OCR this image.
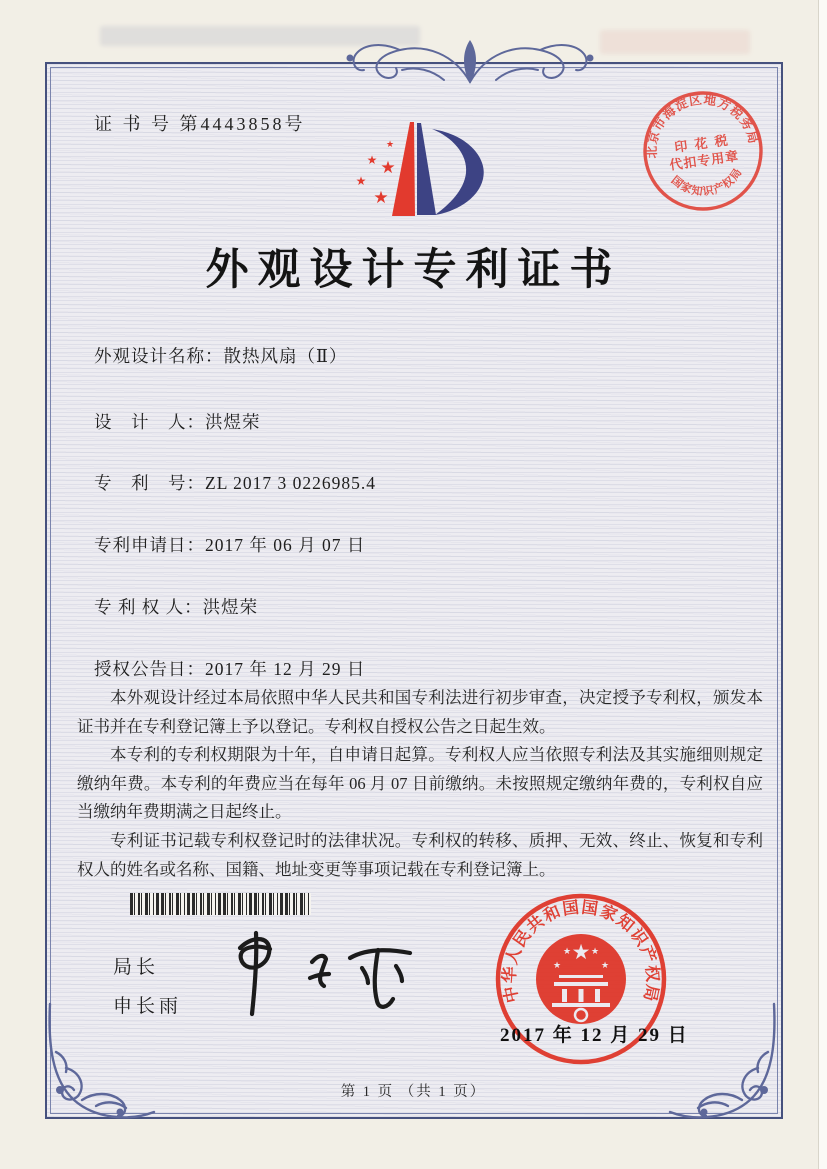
证 书 号 第4443858号
★
★ ★
★
★
外观设计专利证书
外观设计名称：散热风扇（Ⅱ）
设　计　人：洪煜荣
专　利　号：ZL 2017 3 0226985.4
专利申请日：2017 年 06 月 07 日
专 利 权 人：洪煜荣
授权公告日：2017 年 12 月 29 日

本外观设计经过本局依照中华人民共和国专利法进行初步审查，决定授予专利权，颁发本证书并在专利登记簿上予以登记。专利权自授权公告之日起生效。

本专利的专利权期限为十年，自申请日起算。专利权人应当依照专利法及其实施细则规定缴纳年费。本专利的年费应当在每年 06 月 07 日前缴纳。未按照规定缴纳年费的，专利权自应当缴纳年费期满之日起终止。

专利证书记载专利权登记时的法律状况。专利权的转移、质押、无效、终止、恢复和专利权人的姓名或名称、国籍、地址变更等事项记载在专利登记簿上。

局长
申长雨
北京市海淀区地方税务局
国家知识产权局
印 花 税
代扣专用章
中华人民共和国国家知识产权局
★
★
★ ★
★
2017 年 12 月 29 日
第 1 页 （共 1 页）
